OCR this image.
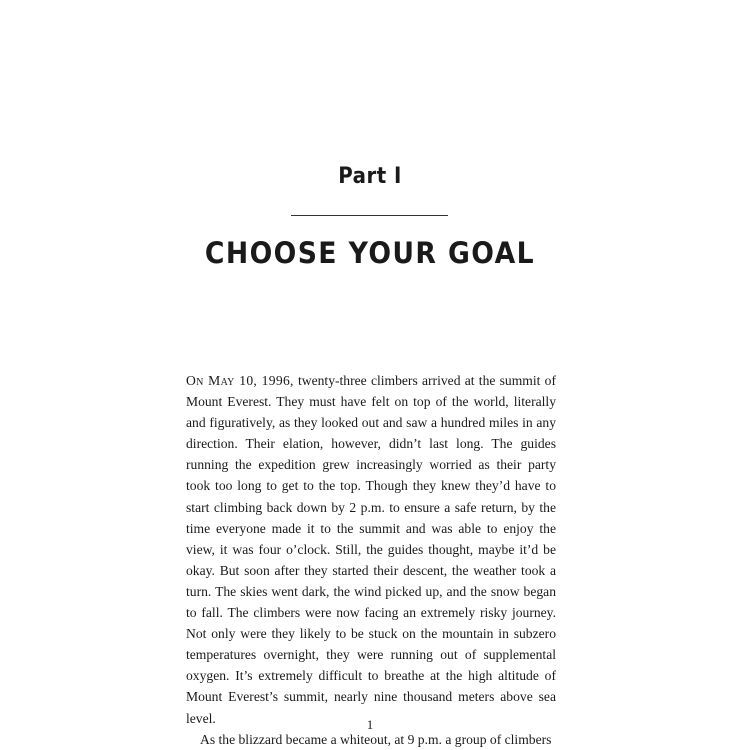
Part I
CHOOSE YOUR GOAL

On May 10, 1996, twenty-three climbers arrived at the summit of Mount Everest. They must have felt on top of the world, literally and figuratively, as they looked out and saw a hundred miles in any direction. Their elation, however, didn’t last long. The guides running the expedition grew increasingly worried as their party took too long to get to the top. Though they knew they’d have to start climbing back down by 2 p.m. to ensure a safe return, by the time everyone made it to the summit and was able to enjoy the view, it was four o’clock. Still, the guides thought, maybe it’d be okay. But soon after they started their descent, the weather took a turn. The skies went dark, the wind picked up, and the snow began to fall. The climbers were now facing an extremely risky journey. Not only were they likely to be stuck on the mountain in subzero temperatures overnight, they were running out of supplemental oxygen. It’s extremely difficult to breathe at the high altitude of Mount Everest’s summit, nearly nine thousand meters above sea level.

As the blizzard became a whiteout, at 9 p.m. a group of climbers

1
